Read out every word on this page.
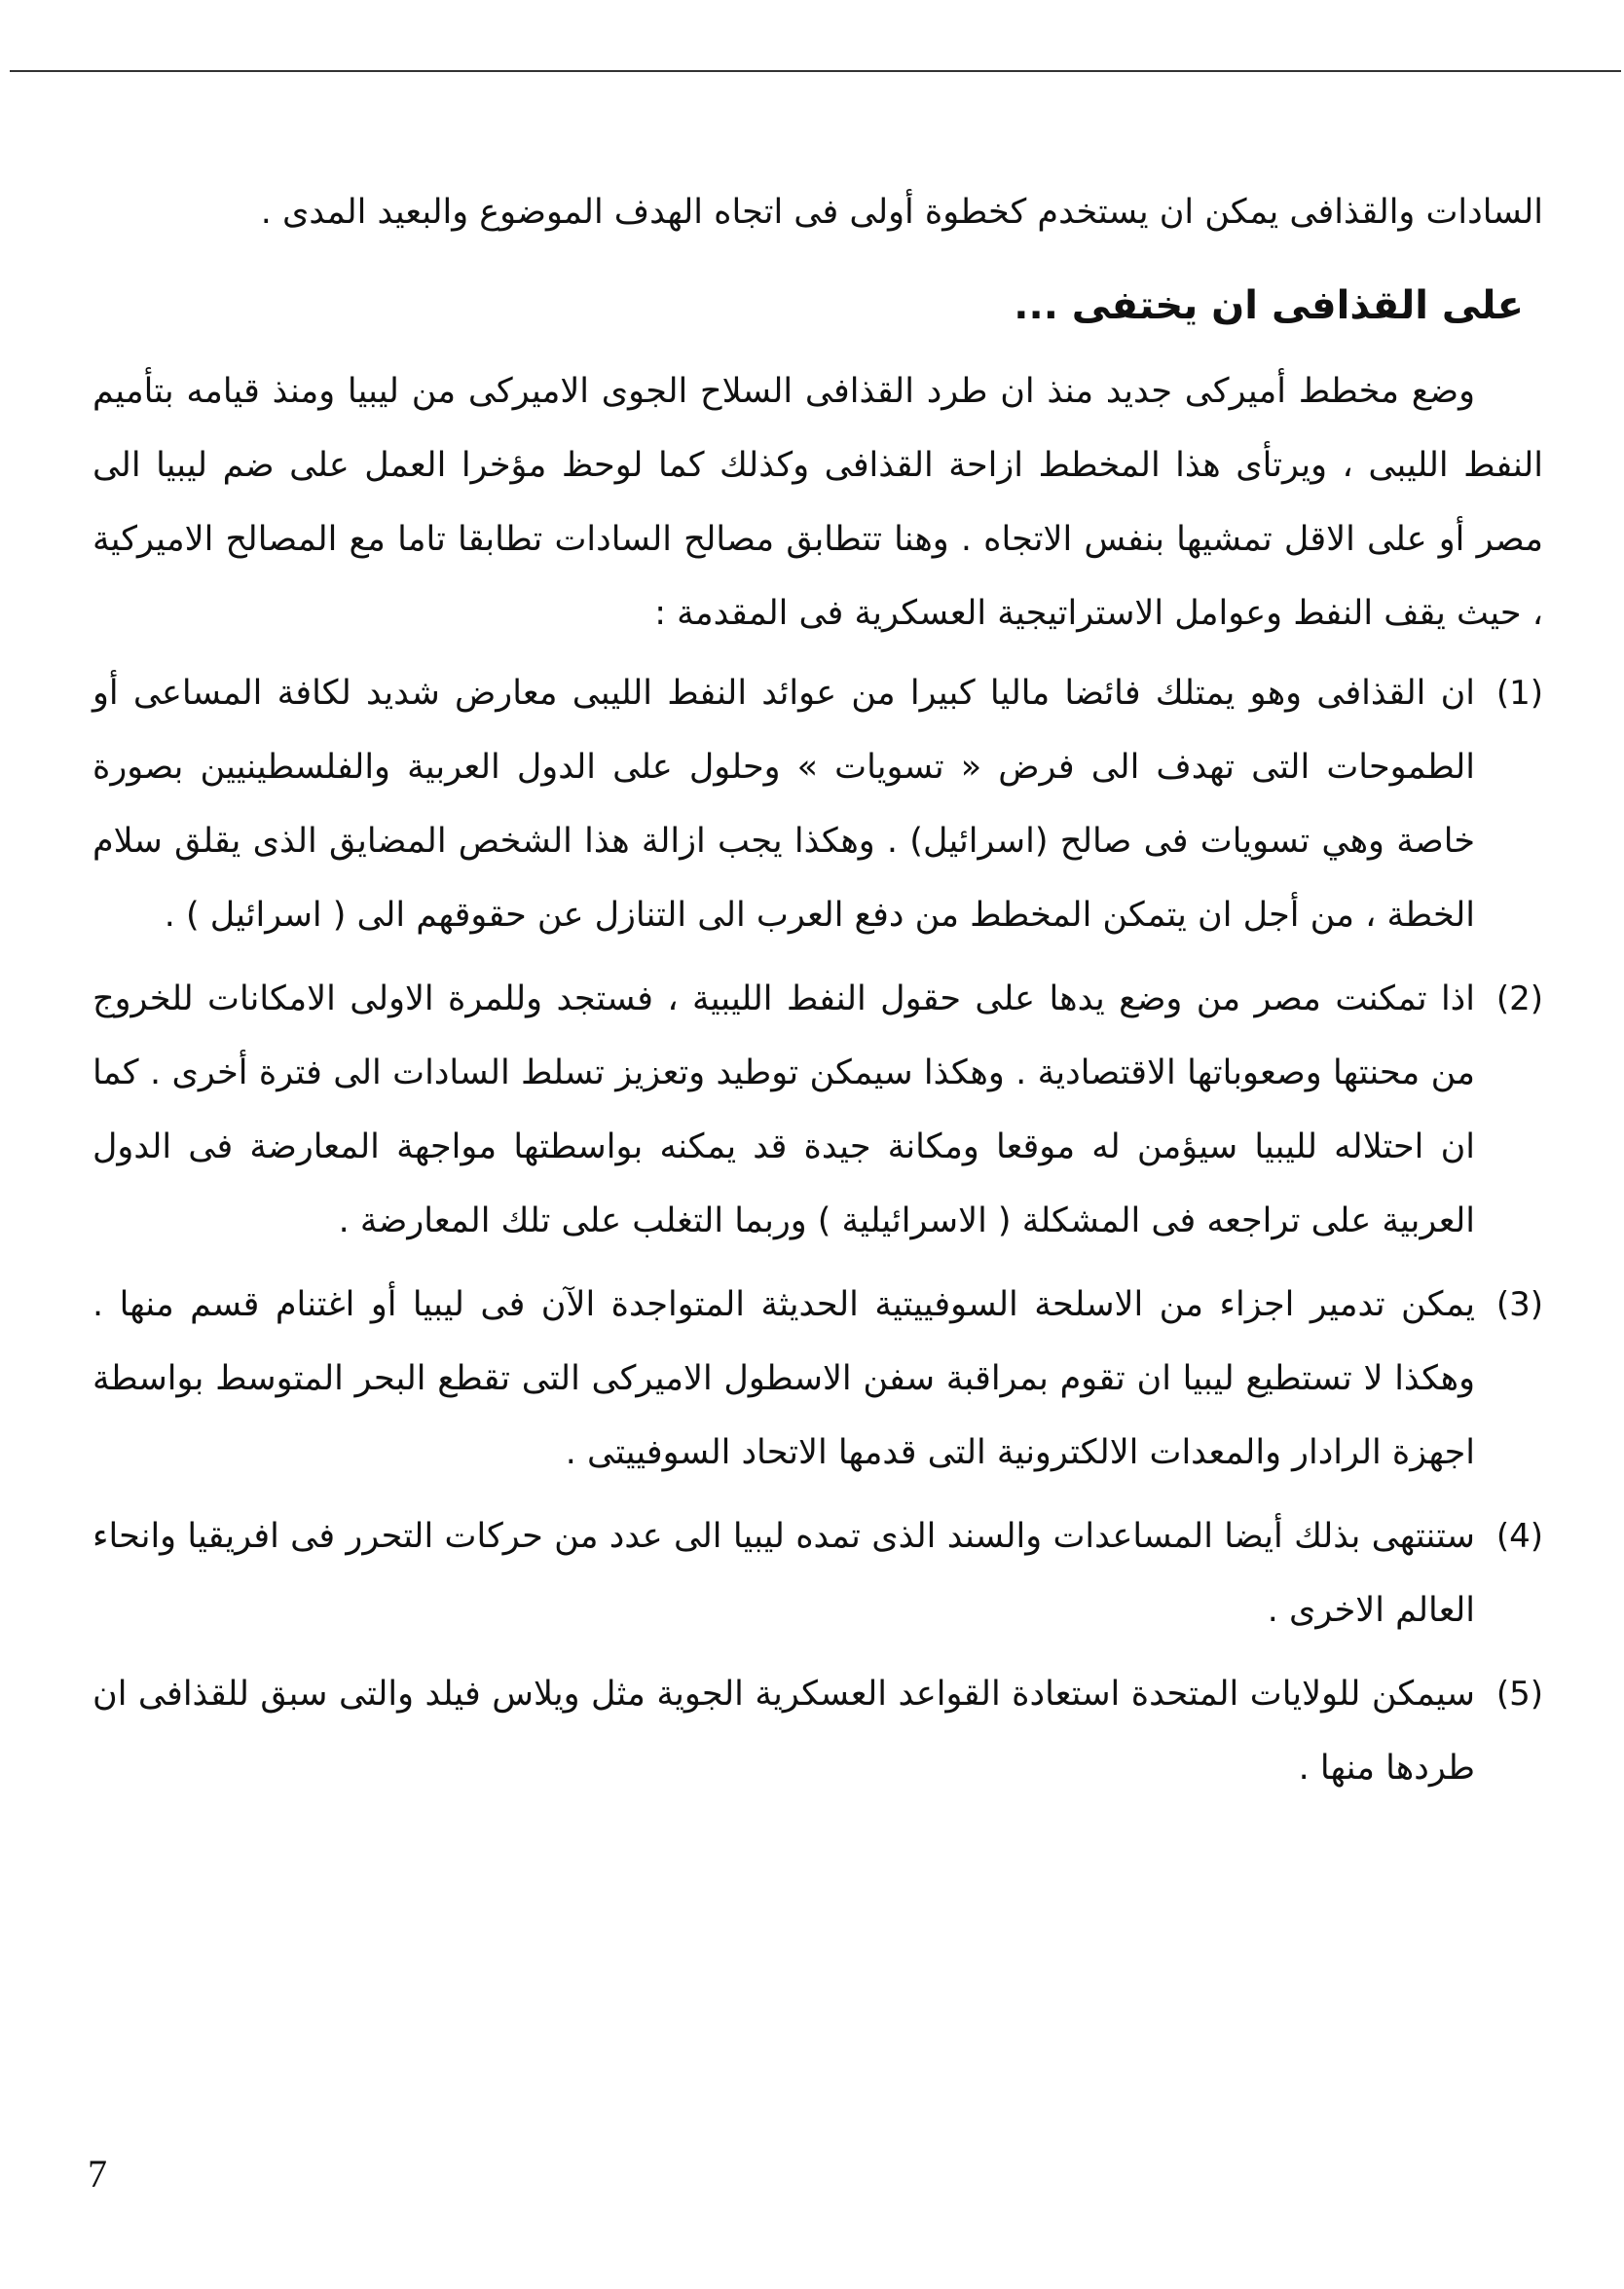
السادات والقذافى يمكن ان يستخدم كخطوة أولى فى اتجاه الهدف الموضوع والبعيد المدى .

على القذافى ان يختفى ...

وضع مخطط أميركى جديد منذ ان طرد القذافى السلاح الجوى الاميركى من ليبيا ومنذ قيامه بتأميم النفط الليبى ، ويرتأى هذا المخطط ازاحة القذافى وكذلك كما لوحظ مؤخرا العمل على ضم ليبيا الى مصر أو على الاقل تمشيها بنفس الاتجاه . وهنا تتطابق مصالح السادات تطابقا تاما مع المصالح الاميركية ، حيث يقف النفط وعوامل الاستراتيجية العسكرية فى المقدمة :

(1)
ان القذافى وهو يمتلك فائضا ماليا كبيرا من عوائد النفط الليبى معارض شديد لكافة المساعى أو الطموحات التى تهدف الى فرض « تسويات » وحلول على الدول العربية والفلسطينيين بصورة خاصة وهي تسويات فى صالح (اسرائيل) . وهكذا يجب ازالة هذا الشخص المضايق الذى يقلق سلام الخطة ، من أجل ان يتمكن المخطط من دفع العرب الى التنازل عن حقوقهم الى ( اسرائيل ) .
(2)
اذا تمكنت مصر من وضع يدها على حقول النفط الليبية ، فستجد وللمرة الاولى الامكانات للخروج من محنتها وصعوباتها الاقتصادية . وهكذا سيمكن توطيد وتعزيز تسلط السادات الى فترة أخرى . كما ان احتلاله لليبيا سيؤمن له موقعا ومكانة جيدة قد يمكنه بواسطتها مواجهة المعارضة فى الدول العربية على تراجعه فى المشكلة ( الاسرائيلية ) وربما التغلب على تلك المعارضة .
(3)
يمكن تدمير اجزاء من الاسلحة السوفييتية الحديثة المتواجدة الآن فى ليبيا أو اغتنام قسم منها . وهكذا لا تستطيع ليبيا ان تقوم بمراقبة سفن الاسطول الاميركى التى تقطع البحر المتوسط بواسطة اجهزة الرادار والمعدات الالكترونية التى قدمها الاتحاد السوفييتى .
(4)
ستنتهى بذلك أيضا المساعدات والسند الذى تمده ليبيا الى عدد من حركات التحرر فى افريقيا وانحاء العالم الاخرى .
(5)
سيمكن للولايات المتحدة استعادة القواعد العسكرية الجوية مثل ويلاس فيلد والتى سبق للقذافى ان طردها منها .
7
